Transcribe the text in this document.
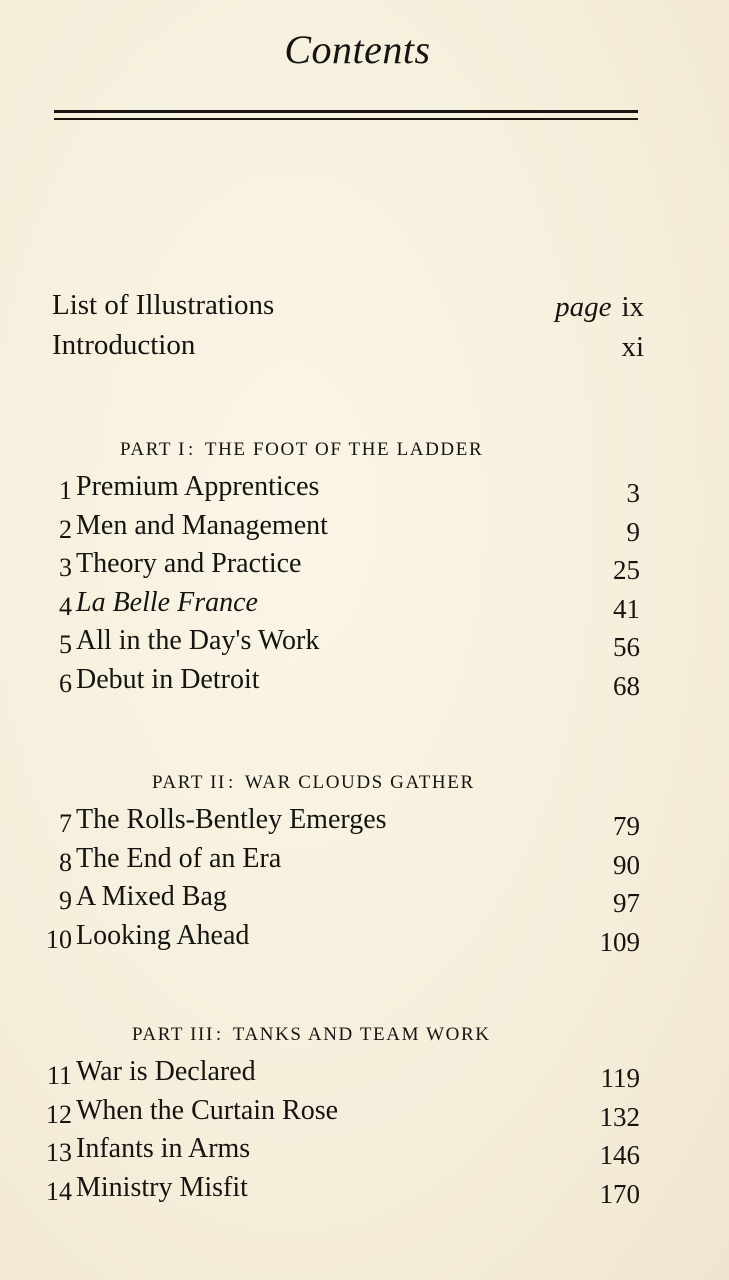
Contents
List of Illustrations	page ix
Introduction	xi
PART I : THE FOOT OF THE LADDER
1 Premium Apprentices	3
2 Men and Management	9
3 Theory and Practice	25
4 La Belle France	41
5 All in the Day's Work	56
6 Debut in Detroit	68
PART II : WAR CLOUDS GATHER
7 The Rolls-Bentley Emerges	79
8 The End of an Era	90
9 A Mixed Bag	97
10 Looking Ahead	109
PART III : TANKS AND TEAM WORK
11 War is Declared	119
12 When the Curtain Rose	132
13 Infants in Arms	146
14 Ministry Misfit	170
